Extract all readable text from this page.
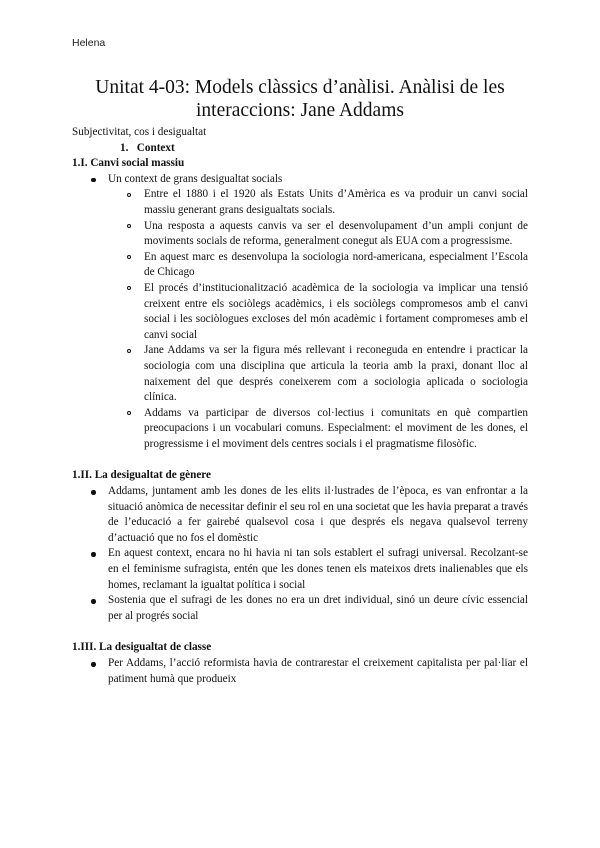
Helena
Unitat 4-03: Models clàssics d’anàlisi. Anàlisi de les interaccions: Jane Addams

Subjectivitat, cos i desigualtat

1. Context

1.I. Canvi social massiu

Un context de grans desigualtat socials
Entre el 1880 i el 1920 als Estats Units d’Amèrica es va produir un canvi social massiu generant grans desigualtats socials.
Una resposta a aquests canvis va ser el desenvolupament d’un ampli conjunt de moviments socials de reforma, generalment conegut als EUA com a progressisme.
En aquest marc es desenvolupa la sociologia nord-americana, especialment l’Escola de Chicago
El procés d’institucionalització acadèmica de la sociologia va implicar una tensió creixent entre els sociòlegs acadèmics, i els sociòlegs compromesos amb el canvi social i les sociòlogues excloses del món acadèmic i fortament compromeses amb el canvi social
Jane Addams va ser la figura més rellevant i reconeguda en entendre i practicar la sociologia com una disciplina que articula la teoria amb la praxi, donant lloc al naixement del que després coneixerem com a sociologia aplicada o sociologia clínica.
Addams va participar de diversos col·lectius i comunitats en què compartien preocupacions i un vocabulari comuns. Especialment: el moviment de les dones, el progressisme i el moviment dels centres socials i el pragmatisme filosòfic.

1.II. La desigualtat de gènere

Addams, juntament amb les dones de les elits il·lustrades de l’època, es van enfrontar a la situació anòmica de necessitar definir el seu rol en una societat que les havia preparat a través de l’educació a fer gairebé qualsevol cosa i que després els negava qualsevol terreny d’actuació que no fos el domèstic
En aquest context, encara no hi havia ni tan sols establert el sufragi universal. Recolzant-se en el feminisme sufragista, entén que les dones tenen els mateixos drets inalienables que els homes, reclamant la igualtat política i social
Sostenia que el sufragi de les dones no era un dret individual, sinó un deure cívic essencial per al progrés social

1.III. La desigualtat de classe

Per Addams, l’acció reformista havia de contrarestar el creixement capitalista per pal·liar el patiment humà que produeix
